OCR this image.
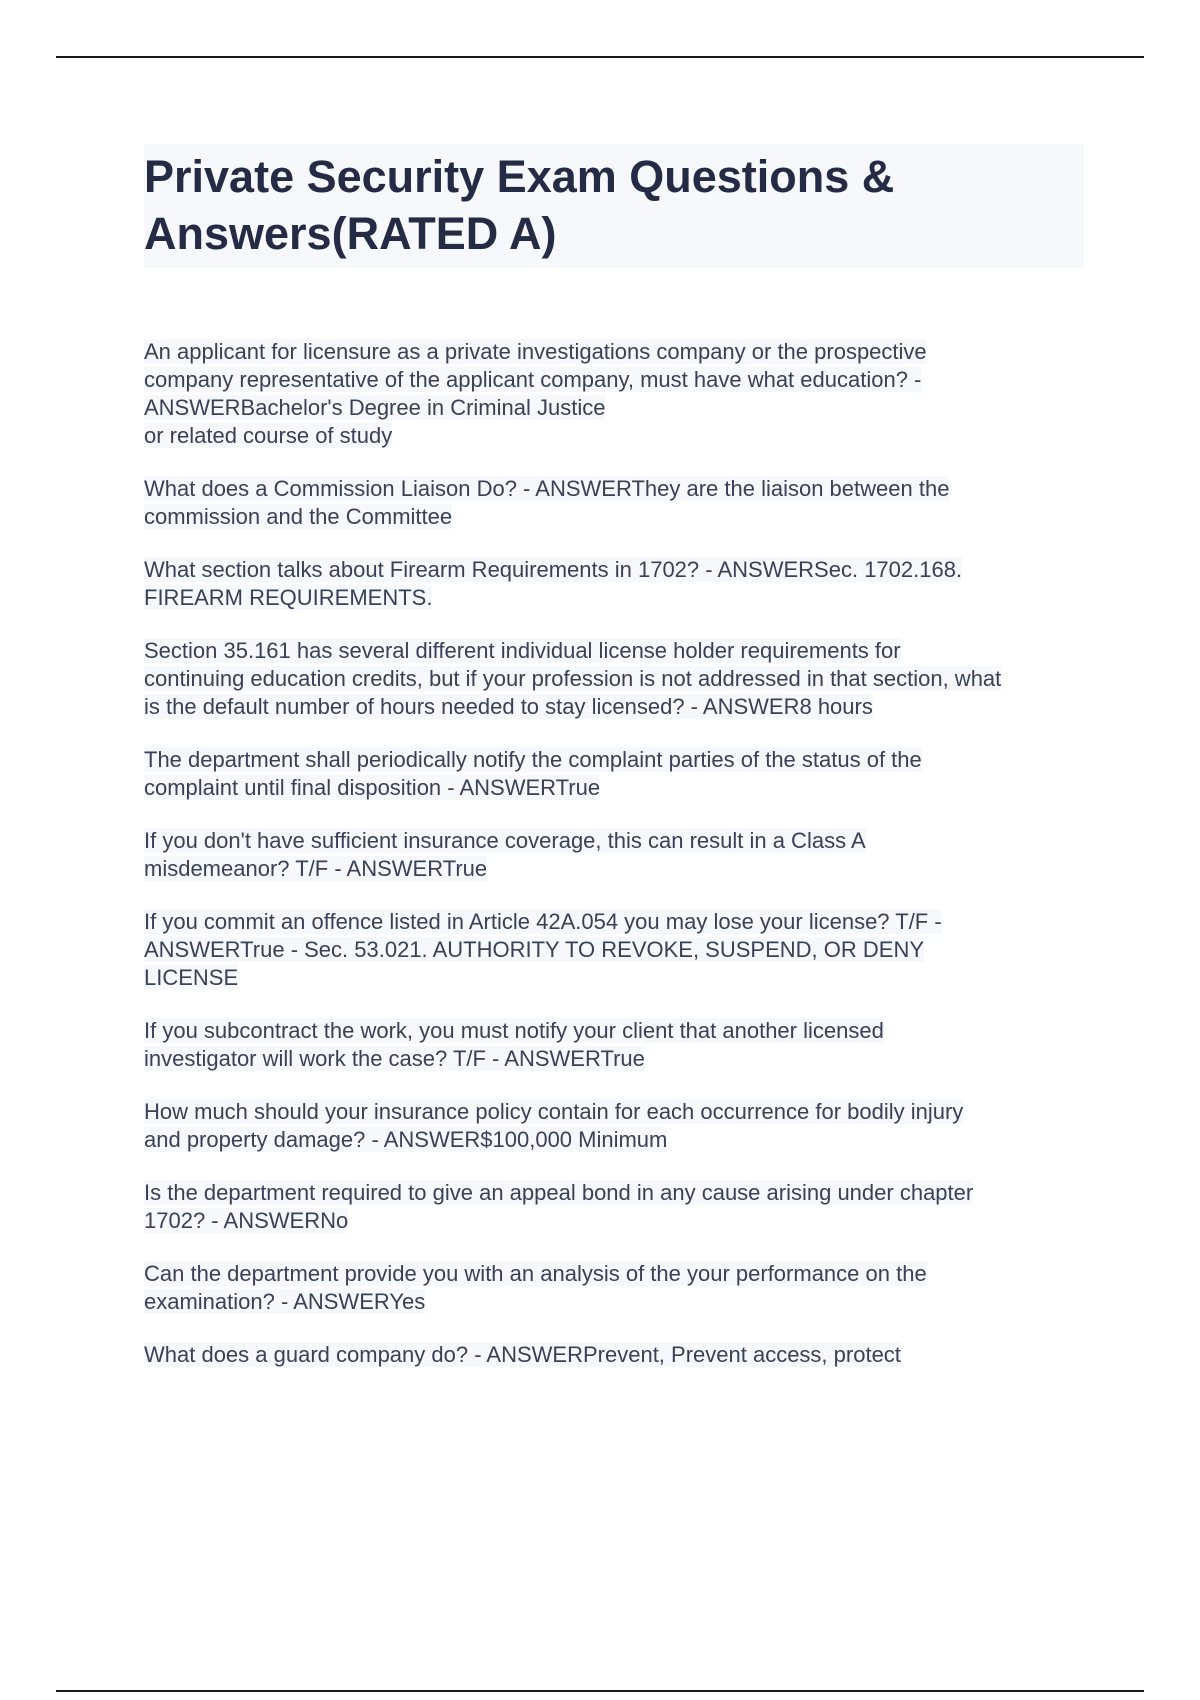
Private Security Exam Questions & Answers(RATED A)
An applicant for licensure as a private investigations company or the prospective
company representative of the applicant company, must have what education? -
ANSWERBachelor's Degree in Criminal Justice
or related course of study
What does a Commission Liaison Do? - ANSWERThey are the liaison between the
commission and the Committee
What section talks about Firearm Requirements in 1702? - ANSWERSec. 1702.168.
FIREARM REQUIREMENTS.
Section 35.161 has several different individual license holder requirements for
continuing education credits, but if your profession is not addressed in that section, what
is the default number of hours needed to stay licensed? - ANSWER8 hours
The department shall periodically notify the complaint parties of the status of the
complaint until final disposition - ANSWERTrue
If you don't have sufficient insurance coverage, this can result in a Class A
misdemeanor? T/F - ANSWERTrue
If you commit an offence listed in Article 42A.054 you may lose your license? T/F -
ANSWERTrue - Sec. 53.021. AUTHORITY TO REVOKE, SUSPEND, OR DENY
LICENSE
If you subcontract the work, you must notify your client that another licensed
investigator will work the case? T/F - ANSWERTrue
How much should your insurance policy contain for each occurrence for bodily injury
and property damage? - ANSWER$100,000 Minimum
Is the department required to give an appeal bond in any cause arising under chapter
1702? - ANSWERNo
Can the department provide you with an analysis of the your performance on the
examination? - ANSWERYes
What does a guard company do? - ANSWERPrevent, Prevent access, protect
